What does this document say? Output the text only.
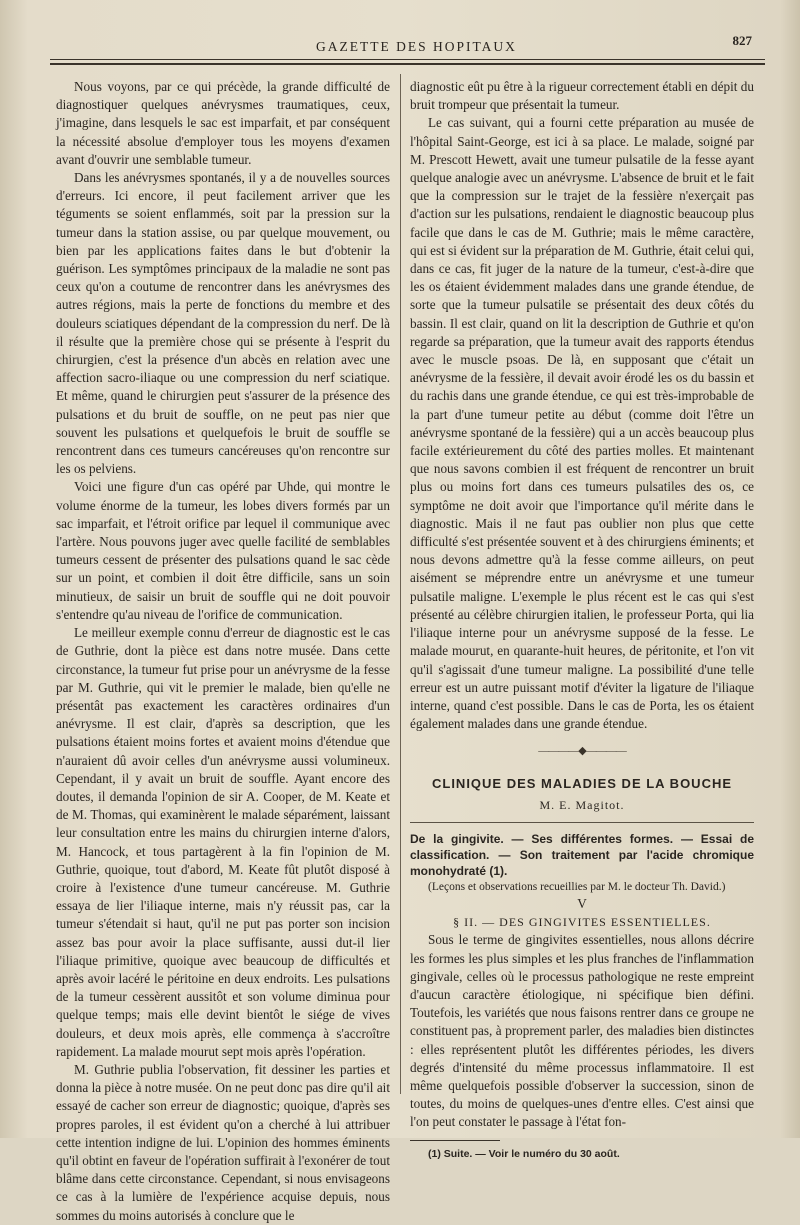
GAZETTE DES HOPITAUX	827

Nous voyons, par ce qui précède, la grande difficulté de diagnostiquer quelques anévrysmes traumatiques, ceux, j'imagine, dans lesquels le sac est imparfait, et par conséquent la nécessité absolue d'employer tous les moyens d'examen avant d'ouvrir une semblable tumeur.

Dans les anévrysmes spontanés, il y a de nouvelles sources d'erreurs. Ici encore, il peut facilement arriver que les téguments se soient enflammés, soit par la pression sur la tumeur dans la station assise, ou par quelque mouvement, ou bien par les applications faites dans le but d'obtenir la guérison. Les symptômes principaux de la maladie ne sont pas ceux qu'on a coutume de rencontrer dans les anévrysmes des autres régions, mais la perte de fonctions du membre et des douleurs sciatiques dépendant de la compression du nerf. De là il résulte que la première chose qui se présente à l'esprit du chirurgien, c'est la présence d'un abcès en relation avec une affection sacro-iliaque ou une compression du nerf sciatique. Et même, quand le chirurgien peut s'assurer de la présence des pulsations et du bruit de souffle, on ne peut pas nier que souvent les pulsations et quelquefois le bruit de souffle se rencontrent dans ces tumeurs cancéreuses qu'on rencontre sur les os pelviens.

Voici une figure d'un cas opéré par Uhde, qui montre le volume énorme de la tumeur, les lobes divers formés par un sac imparfait, et l'étroit orifice par lequel il communique avec l'artère. Nous pouvons juger avec quelle facilité de semblables tumeurs cessent de présenter des pulsations quand le sac cède sur un point, et combien il doit être difficile, sans un soin minutieux, de saisir un bruit de souffle qui ne doit pouvoir s'entendre qu'au niveau de l'orifice de communication.

Le meilleur exemple connu d'erreur de diagnostic est le cas de Guthrie, dont la pièce est dans notre musée. Dans cette circonstance, la tumeur fut prise pour un anévrysme de la fesse par M. Guthrie, qui vit le premier le malade, bien qu'elle ne présentât pas exactement les caractères ordinaires d'un anévrysme. Il est clair, d'après sa description, que les pulsations étaient moins fortes et avaient moins d'étendue que n'auraient dû avoir celles d'un anévrysme aussi volumineux. Cependant, il y avait un bruit de souffle. Ayant encore des doutes, il demanda l'opinion de sir A. Cooper, de M. Keate et de M. Thomas, qui examinèrent le malade séparément, laissant leur consultation entre les mains du chirurgien interne d'alors, M. Hancock, et tous partagèrent à la fin l'opinion de M. Guthrie, quoique, tout d'abord, M. Keate fût plutôt disposé à croire à l'existence d'une tumeur cancéreuse. M. Guthrie essaya de lier l'iliaque interne, mais n'y réussit pas, car la tumeur s'étendait si haut, qu'il ne put pas porter son incision assez bas pour avoir la place suffisante, aussi dut-il lier l'iliaque primitive, quoique avec beaucoup de difficultés et après avoir lacéré le péritoine en deux endroits. Les pulsations de la tumeur cessèrent aussitôt et son volume diminua pour quelque temps; mais elle devint bientôt le siége de vives douleurs, et deux mois après, elle commença à s'accroître rapidement. La malade mourut sept mois après l'opération.

M. Guthrie publia l'observation, fit dessiner les parties et donna la pièce à notre musée. On ne peut donc pas dire qu'il ait essayé de cacher son erreur de diagnostic; quoique, d'après ses propres paroles, il est évident qu'on a cherché à lui attribuer cette intention indigne de lui. L'opinion des hommes éminents qu'il obtint en faveur de l'opération suffirait à l'exonérer de tout blâme dans cette circonstance. Cependant, si nous envisageons ce cas à la lumière de l'expérience acquise depuis, nous sommes du moins autorisés à conclure que le

diagnostic eût pu être à la rigueur correctement établi en dépit du bruit trompeur que présentait la tumeur.

Le cas suivant, qui a fourni cette préparation au musée de l'hôpital Saint-George, est ici à sa place. Le malade, soigné par M. Prescott Hewett, avait une tumeur pulsatile de la fesse ayant quelque analogie avec un anévrysme. L'absence de bruit et le fait que la compression sur le trajet de la fessière n'exerçait pas d'action sur les pulsations, rendaient le diagnostic beaucoup plus facile que dans le cas de M. Guthrie; mais le même caractère, qui est si évident sur la préparation de M. Guthrie, était celui qui, dans ce cas, fit juger de la nature de la tumeur, c'est-à-dire que les os étaient évidemment malades dans une grande étendue, de sorte que la tumeur pulsatile se présentait des deux côtés du bassin. Il est clair, quand on lit la description de Guthrie et qu'on regarde sa préparation, que la tumeur avait des rapports étendus avec le muscle psoas. De là, en supposant que c'était un anévrysme de la fessière, il devait avoir érodé les os du bassin et du rachis dans une grande étendue, ce qui est très-improbable de la part d'une tumeur petite au début (comme doit l'être un anévrysme spontané de la fessière) qui a un accès beaucoup plus facile extérieurement du côté des parties molles. Et maintenant que nous savons combien il est fréquent de rencontrer un bruit plus ou moins fort dans ces tumeurs pulsatiles des os, ce symptôme ne doit avoir que l'importance qu'il mérite dans le diagnostic. Mais il ne faut pas oublier non plus que cette difficulté s'est présentée souvent et à des chirurgiens éminents; et nous devons admettre qu'à la fesse comme ailleurs, on peut aisément se méprendre entre un anévrysme et une tumeur pulsatile maligne. L'exemple le plus récent est le cas qui s'est présenté au célèbre chirurgien italien, le professeur Porta, qui lia l'iliaque interne pour un anévrysme supposé de la fesse. Le malade mourut, en quarante-huit heures, de péritonite, et l'on vit qu'il s'agissait d'une tumeur maligne. La possibilité d'une telle erreur est un autre puissant motif d'éviter la ligature de l'iliaque interne, quand c'est possible. Dans le cas de Porta, les os étaient également malades dans une grande étendue.

————◆————
CLINIQUE DES MALADIES DE LA BOUCHE
M. E. Magitot.

De la gingivite. — Ses différentes formes. — Essai de classification. — Son traitement par l'acide chromique monohydraté (1).

(Leçons et observations recueillies par M. le docteur Th. David.)

V

§ II. — DES GINGIVITES ESSENTIELLES.

Sous le terme de gingivites essentielles, nous allons décrire les formes les plus simples et les plus franches de l'inflammation gingivale, celles où le processus pathologique ne reste empreint d'aucun caractère étiologique, ni spécifique bien défini. Toutefois, les variétés que nous faisons rentrer dans ce groupe ne constituent pas, à proprement parler, des maladies bien distinctes : elles représentent plutôt les différentes périodes, les divers degrés d'intensité du même processus inflammatoire. Il est même quelquefois possible d'observer la succession, sinon de toutes, du moins de quelques-unes d'entre elles. C'est ainsi que l'on peut constater le passage à l'état fon-

(1) Suite. — Voir le numéro du 30 août.
